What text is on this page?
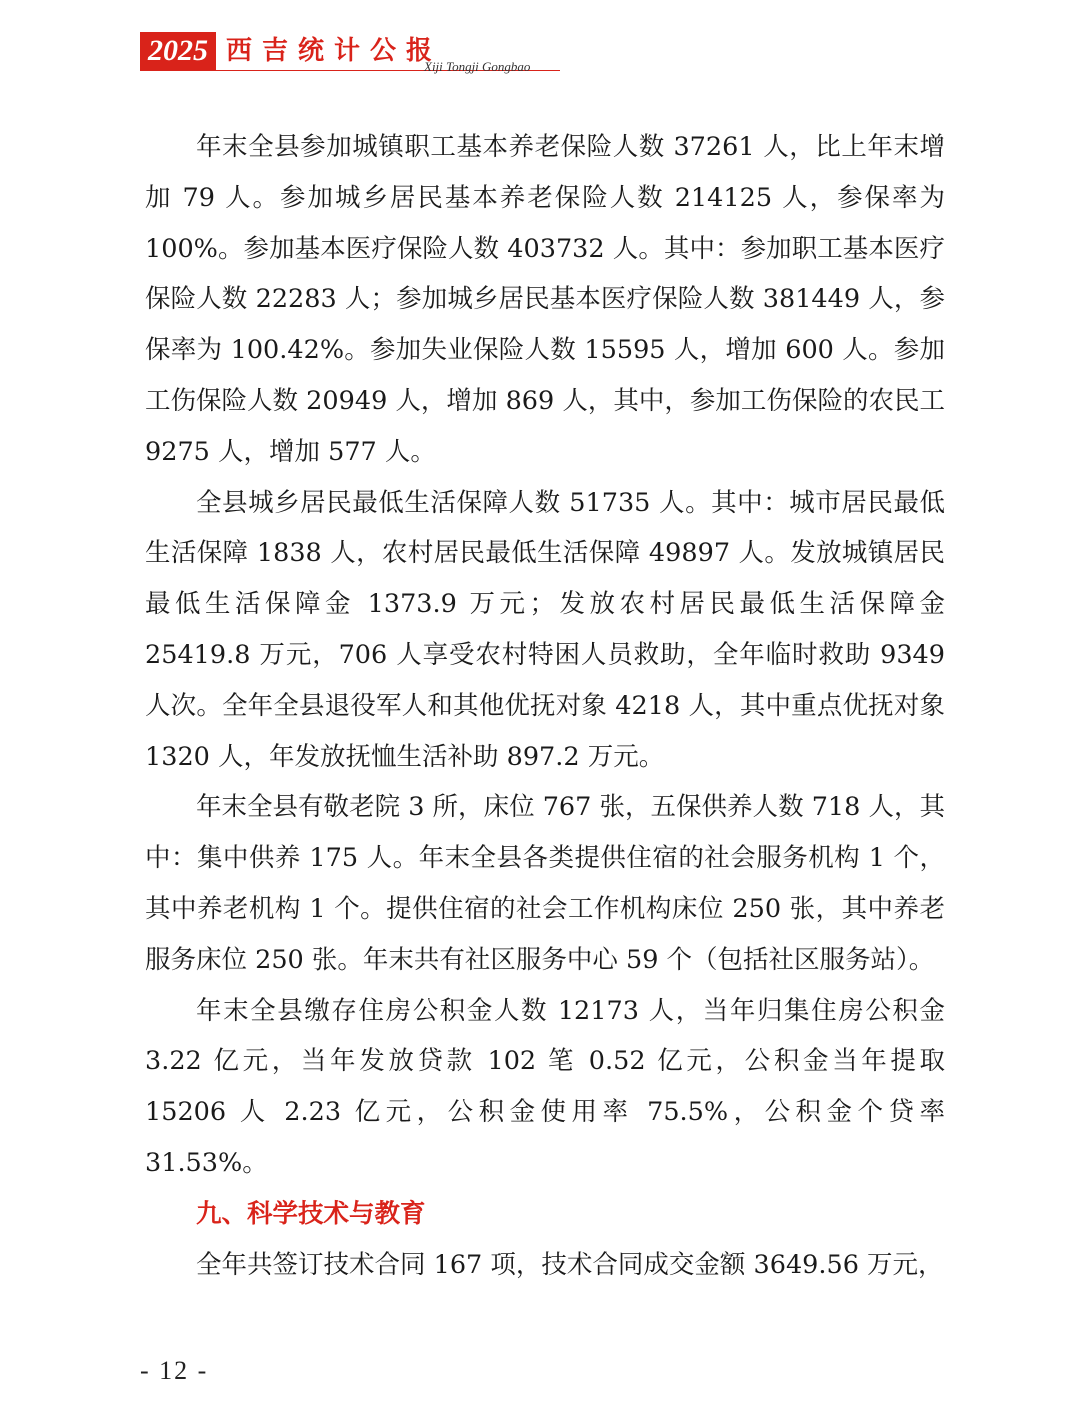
2025 西吉统计公报
Xiji Tongji Gongbao

年末全县参加城镇职工基本养老保险人数 37261 人，比上年末增加 79 人。参加城乡居民基本养老保险人数 214125 人，参保率为 100%。参加基本医疗保险人数 403732 人。其中：参加职工基本医疗保险人数 22283 人；参加城乡居民基本医疗保险人数 381449 人，参保率为 100.42%。参加失业保险人数 15595 人，增加 600 人。参加工伤保险人数 20949 人，增加 869 人，其中，参加工伤保险的农民工 9275 人，增加 577 人。

全县城乡居民最低生活保障人数 51735 人。其中：城市居民最低生活保障 1838 人，农村居民最低生活保障 49897 人。发放城镇居民最低生活保障金 1373.9 万元；发放农村居民最低生活保障金 25419.8 万元，706 人享受农村特困人员救助，全年临时救助 9349 人次。全年全县退役军人和其他优抚对象 4218 人，其中重点优抚对象 1320 人，年发放抚恤生活补助 897.2 万元。

年末全县有敬老院 3 所，床位 767 张，五保供养人数 718 人，其中：集中供养 175 人。年末全县各类提供住宿的社会服务机构 1 个，其中养老机构 1 个。提供住宿的社会工作机构床位 250 张，其中养老服务床位 250 张。年末共有社区服务中心 59 个（包括社区服务站）。

年末全县缴存住房公积金人数 12173 人，当年归集住房公积金 3.22 亿元，当年发放贷款 102 笔 0.52 亿元，公积金当年提取 15206 人 2.23 亿元，公积金使用率 75.5%，公积金个贷率 31.53%。

九、科学技术与教育

全年共签订技术合同 167 项，技术合同成交金额 3649.56 万元，

- 12 -
